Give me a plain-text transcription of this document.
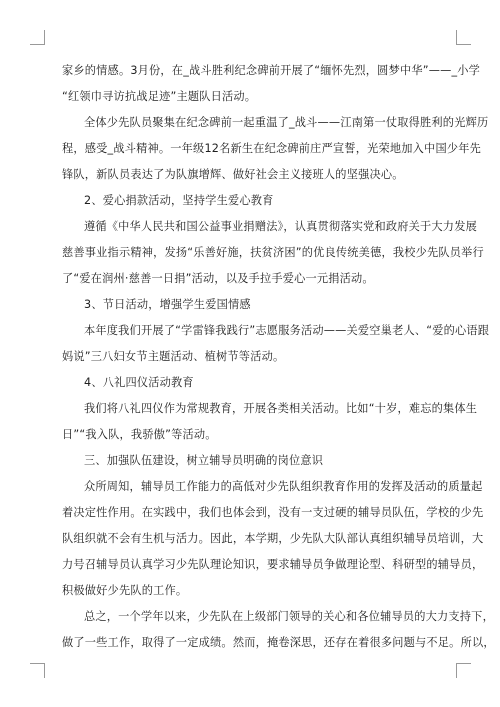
家乡的情感。3月份，在_战斗胜利纪念碑前开展了“缅怀先烈，圆梦中华”——_小学
“红领巾寻访抗战足迹”主题队日活动。
全体少先队员聚集在纪念碑前一起重温了_战斗——江南第一仗取得胜利的光辉历
程，感受_战斗精神。一年级12名新生在纪念碑前庄严宣誓，光荣地加入中国少年先
锋队，新队员表达了为队旗增辉、做好社会主义接班人的坚强决心。
2、爱心捐款活动，坚持学生爱心教育
遵循《中华人民共和国公益事业捐赠法》，认真贯彻落实党和政府关于大力发展
慈善事业指示精神，发扬“乐善好施，扶贫济困”的优良传统美德，我校少先队员举行
了“爱在润州·慈善一日捐”活动，以及手拉手爱心一元捐活动。
3、节日活动，增强学生爱国情感
本年度我们开展了“学雷锋我践行”志愿服务活动——关爱空巢老人、“爱的心语跟
妈说”三八妇女节主题活动、植树节等活动。
4、八礼四仪活动教育
我们将八礼四仪作为常规教育，开展各类相关活动。比如“十岁，难忘的集体生
日”“我入队，我骄傲”等活动。
三、加强队伍建设，树立辅导员明确的岗位意识
众所周知，辅导员工作能力的高低对少先队组织教育作用的发挥及活动的质量起
着决定性作用。在实践中，我们也体会到，没有一支过硬的辅导员队伍，学校的少先
队组织就不会有生机与活力。因此，本学期，少先队大队部认真组织辅导员培训，大
力号召辅导员认真学习少先队理论知识，要求辅导员争做理论型、科研型的辅导员，
积极做好少先队的工作。
总之，一个学年以来，少先队在上级部门领导的关心和各位辅导员的大力支持下，
做了一些工作，取得了一定成绩。然而，掩卷深思，还存在着很多问题与不足。所以，
